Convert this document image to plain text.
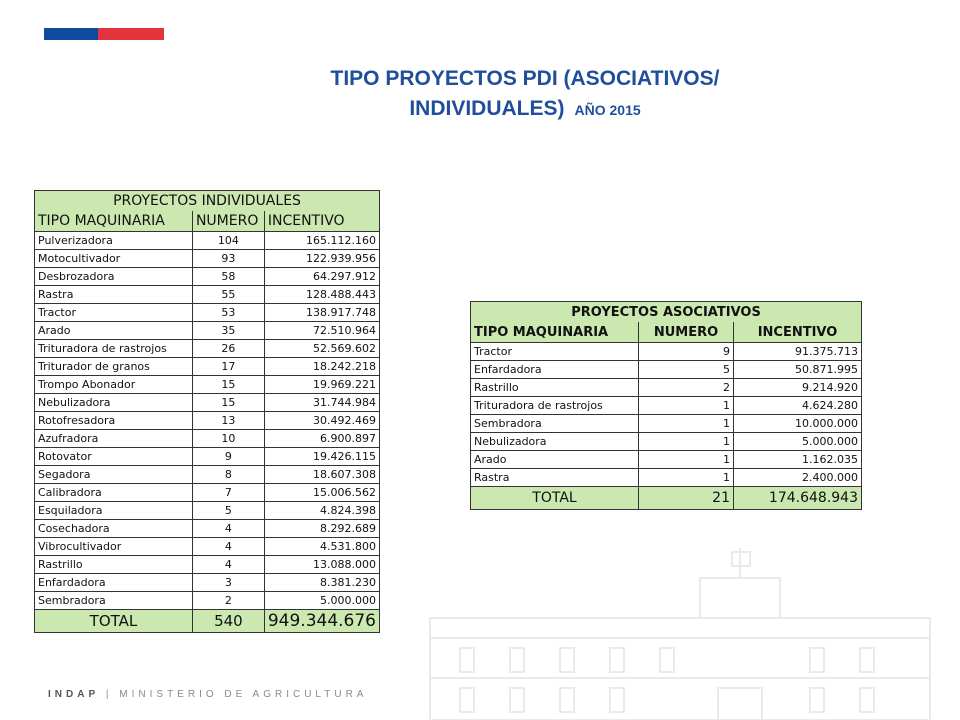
TIPO PROYECTOS PDI (ASOCIATIVOS/
INDIVIDUALES) AÑO 2015
PROYECTOS INDIVIDUALES		
TIPO MAQUINARIA	NUMERO	INCENTIVO
Pulverizadora	104	165.112.160
Motocultivador	93	122.939.956
Desbrozadora	58	64.297.912
Rastra	55	128.488.443
Tractor	53	138.917.748
Arado	35	72.510.964
Trituradora de rastrojos	26	52.569.602
Triturador de granos	17	18.242.218
Trompo Abonador	15	19.969.221
Nebulizadora	15	31.744.984
Rotofresadora	13	30.492.469
Azufradora	10	6.900.897
Rotovator	9	19.426.115
Segadora	8	18.607.308
Calibradora	7	15.006.562
Esquiladora	5	4.824.398
Cosechadora	4	8.292.689
Vibrocultivador	4	4.531.800
Rastrillo	4	13.088.000
Enfardadora	3	8.381.230
Sembradora	2	5.000.000
TOTAL	540	949.344.676
PROYECTOS ASOCIATIVOS		
TIPO MAQUINARIA	NUMERO	INCENTIVO
Tractor	9	91.375.713
Enfardadora	5	50.871.995
Rastrillo	2	9.214.920
Trituradora de rastrojos	1	4.624.280
Sembradora	1	10.000.000
Nebulizadora	1	5.000.000
Arado	1	1.162.035
Rastra	1	2.400.000
TOTAL	21	174.648.943
INDAP | MINISTERIO DE AGRICULTURA
